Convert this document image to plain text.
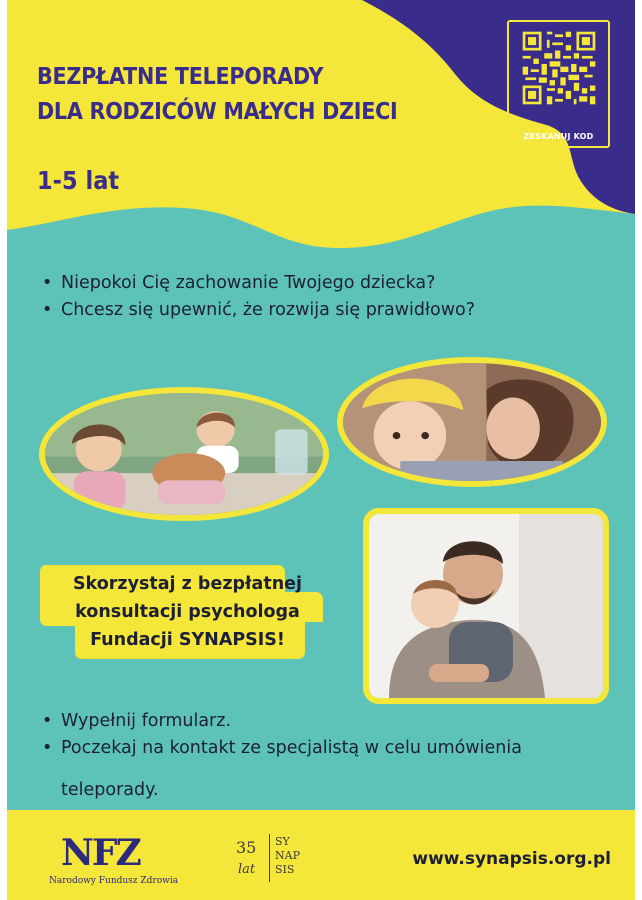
BEZPŁATNE TELEPORADY
DLA RODZICÓW MAŁYCH DZIECI
1-5 lat
ZESKANUJ KOD
• Niepokoi Cię zachowanie Twojego dziecka?
• Chcesz się upewnić, że rozwija się prawidłowo?
Skorzystaj z bezpłatnej
konsultacji psychologa
Fundacji SYNAPSIS!
• Wypełnij formularz.
• Poczekaj na kontakt ze specjalistą w celu umówienia
teleporady.
NFZ
Narodowy Fundusz Zdrowia
35
lat
SY
NAP
SIS
www.synapsis.org.pl
